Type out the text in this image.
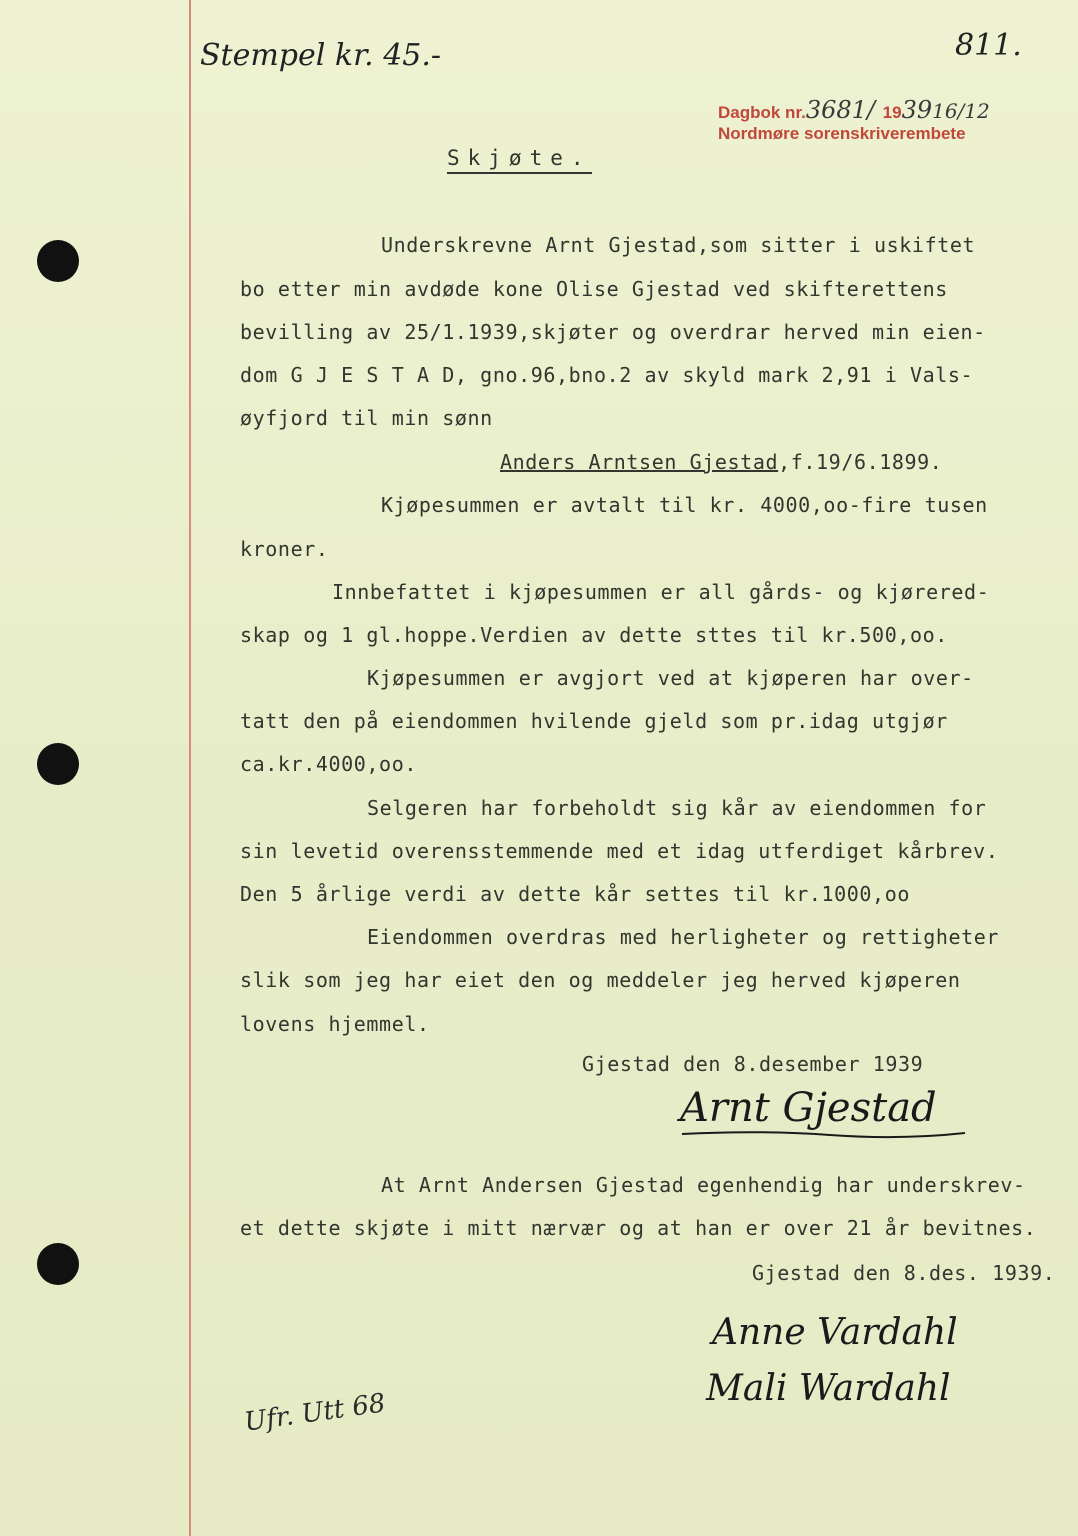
Stempel kr. 45.-	811.
Dagbok nr.3681/ 193916/12
Nordmøre sorenskriverembete
Skjøte.
Underskrevne Arnt Gjestad,som sitter i uskiftet
bo etter min avdøde kone Olise Gjestad ved skifterettens
bevilling av 25/1.1939,skjøter og overdrar herved min eien-
dom G J E S T A D, gno.96,bno.2 av skyld mark 2,91 i Vals-
øyfjord til min sønn
Anders Arntsen Gjestad,f.19/6.1899.
Kjøpesummen er avtalt til kr. 4000,oo-fire tusen
kroner.
Innbefattet i kjøpesummen er all gårds- og kjørered-
skap og 1 gl.hoppe.Verdien av dette sttes til kr.500,oo.
Kjøpesummen er avgjort ved at kjøperen har over-
tatt den på eiendommen hvilende gjeld som pr.idag utgjør
ca.kr.4000,oo.
Selgeren har forbeholdt sig kår av eiendommen for
sin levetid overensstemmende med et idag utferdiget kårbrev.
Den 5 årlige verdi av dette kår settes til kr.1000,oo
Eiendommen overdras med herligheter og rettigheter
slik som jeg har eiet den og meddeler jeg herved kjøperen
lovens hjemmel.
Gjestad den 8.desember 1939
Arnt Gjestad
At Arnt Andersen Gjestad egenhendig har underskrev-
et dette skjøte i mitt nærvær og at han er over 21 år bevitnes.
Gjestad den 8.des. 1939.
Anne Vardahl
Mali Wardahl
Ufr. Utt 68
